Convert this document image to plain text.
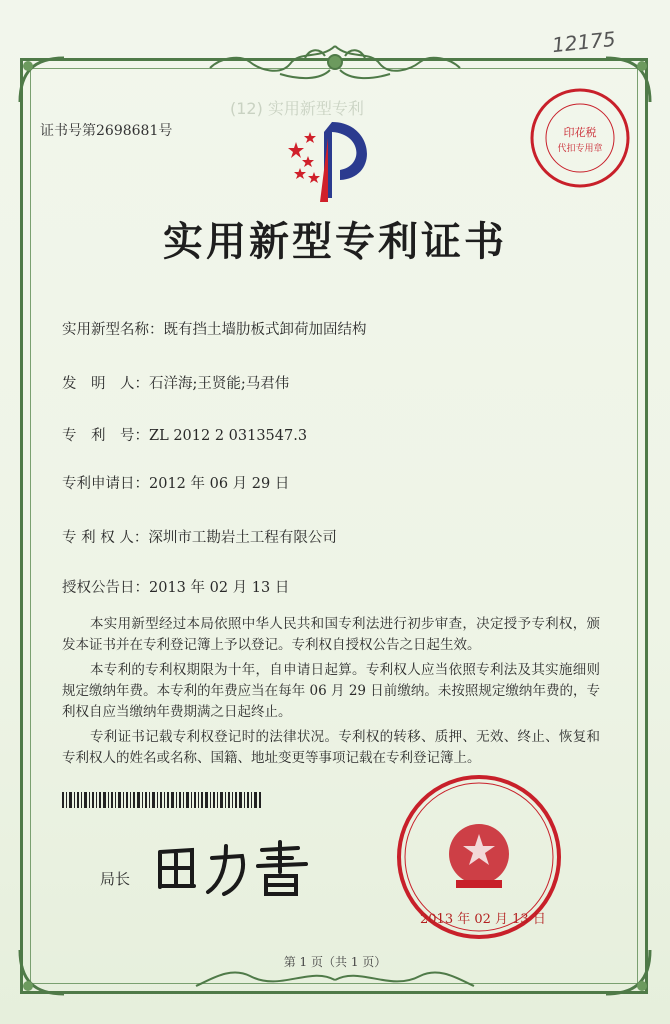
(12) 实用新型专利
12175
证书号第2698681号	印花税
代扣专用章
实用新型专利证书
实用新型名称：既有挡土墙肋板式卸荷加固结构
发　明　人：石洋海;王贤能;马君伟
专　利　号：ZL 2012 2 0313547.3
专利申请日：2012 年 06 月 29 日
专 利 权 人：深圳市工勘岩土工程有限公司
授权公告日：2013 年 02 月 13 日

本实用新型经过本局依照中华人民共和国专利法进行初步审查，决定授予专利权，颁发本证书并在专利登记簿上予以登记。专利权自授权公告之日起生效。

本专利的专利权期限为十年，自申请日起算。专利权人应当依照专利法及其实施细则规定缴纳年费。本专利的年费应当在每年 06 月 29 日前缴纳。未按照规定缴纳年费的，专利权自应当缴纳年费期满之日起终止。

专利证书记载专利权登记时的法律状况。专利权的转移、质押、无效、终止、恢复和专利权人的姓名或名称、国籍、地址变更等事项记载在专利登记簿上。

局长
2013 年 02 月 13 日
第 1 页（共 1 页）
